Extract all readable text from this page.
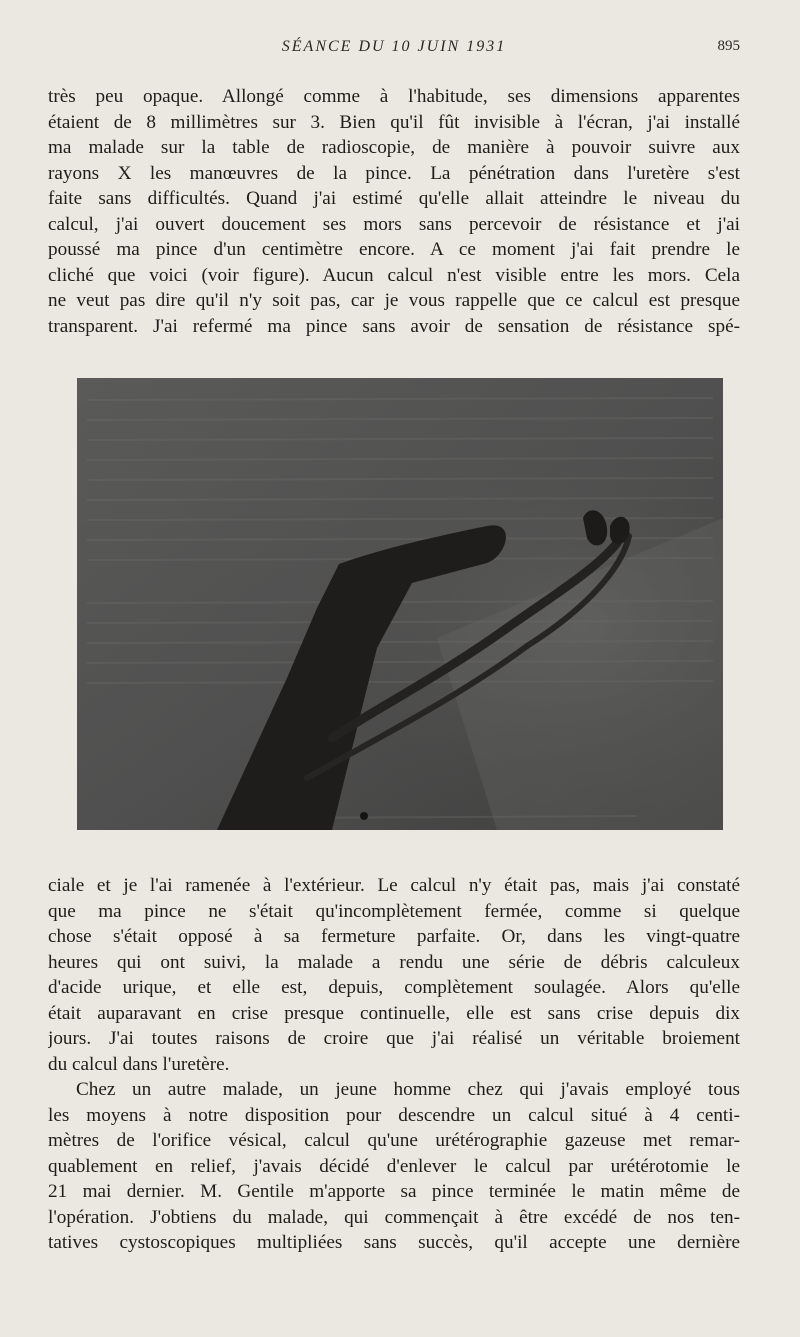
SÉANCE DU 10 JUIN 1931	895

très peu opaque. Allongé comme à l'habitude, ses dimensions apparentes
étaient de 8 millimètres sur 3. Bien qu'il fût invisible à l'écran, j'ai installé
ma malade sur la table de radioscopie, de manière à pouvoir suivre aux
rayons X les manœuvres de la pince. La pénétration dans l'uretère s'est
faite sans difficultés. Quand j'ai estimé qu'elle allait atteindre le niveau du
calcul, j'ai ouvert doucement ses mors sans percevoir de résistance et j'ai
poussé ma pince d'un centimètre encore. A ce moment j'ai fait prendre le
cliché que voici (voir figure). Aucun calcul n'est visible entre les mors. Cela
ne veut pas dire qu'il n'y soit pas, car je vous rappelle que ce calcul est presque
transparent. J'ai refermé ma pince sans avoir de sensation de résistance spé-

ciale et je l'ai ramenée à l'extérieur. Le calcul n'y était pas, mais j'ai constaté
que ma pince ne s'était qu'incomplètement fermée, comme si quelque
chose s'était opposé à sa fermeture parfaite. Or, dans les vingt-quatre
heures qui ont suivi, la malade a rendu une série de débris calculeux
d'acide urique, et elle est, depuis, complètement soulagée. Alors qu'elle
était auparavant en crise presque continuelle, elle est sans crise depuis dix
jours. J'ai toutes raisons de croire que j'ai réalisé un véritable broiement
du calcul dans l'uretère.

Chez un autre malade, un jeune homme chez qui j'avais employé tous
les moyens à notre disposition pour descendre un calcul situé à 4 centi-
mètres de l'orifice vésical, calcul qu'une urétérographie gazeuse met remar-
quablement en relief, j'avais décidé d'enlever le calcul par urétérotomie le
21 mai dernier. M. Gentile m'apporte sa pince terminée le matin même de
l'opération. J'obtiens du malade, qui commençait à être excédé de nos ten-
tatives cystoscopiques multipliées sans succès, qu'il accepte une dernière
